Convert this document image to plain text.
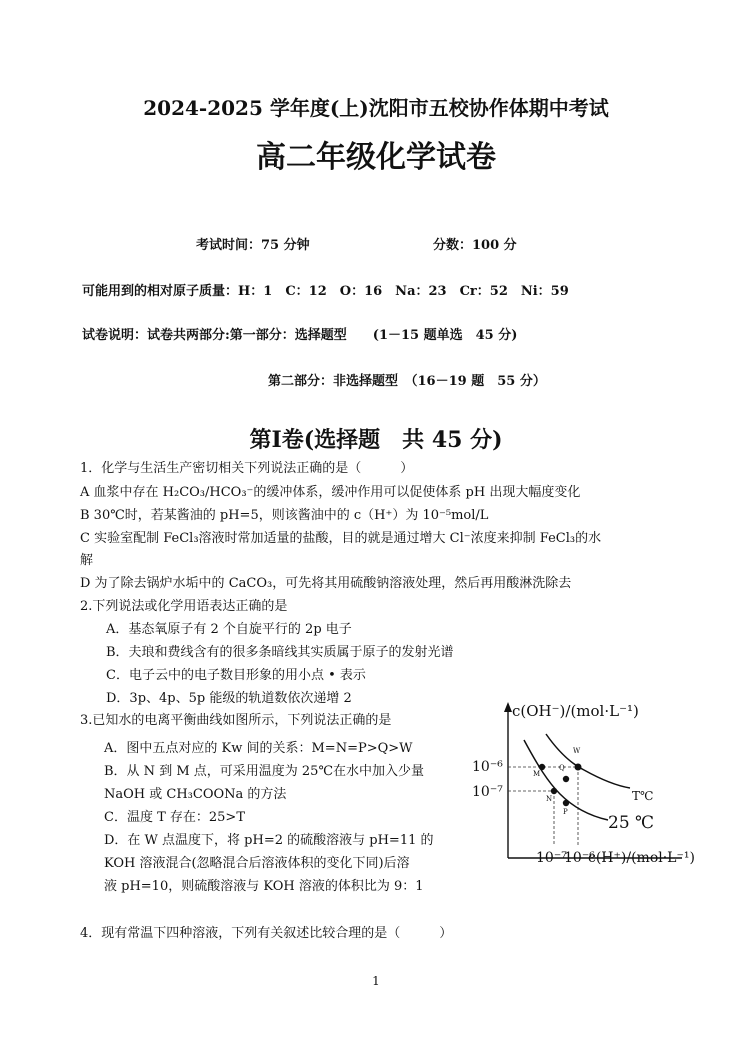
2024-2025 学年度(上)沈阳市五校协作体期中考试
高二年级化学试卷
考试时间：75 分钟	分数：100 分
可能用到的相对原子质量：H：1　C：12　O：16　Na：23　Cr：52　Ni：59
试卷说明：试卷共两部分:第一部分：选择题型　　(1－15 题单选　45 分)
第二部分：非选择题型　（16－19 题　55 分）
第Ⅰ卷(选择题　共 45 分)
1．化学与生活生产密切相关下列说法正确的是（　　　）
A 血浆中存在 H₂CO₃/HCO₃⁻的缓冲体系，缓冲作用可以促使体系 pH 出现大幅度变化
B 30℃时，若某酱油的 pH=5，则该酱油中的 c（H⁺）为 10⁻⁵mol/L
C 实验室配制 FeCl₃溶液时常加适量的盐酸，目的就是通过增大 Cl⁻浓度来抑制 FeCl₃的水
解
D 为了除去锅炉水垢中的 CaCO₃，可先将其用硫酸钠溶液处理，然后再用酸淋洗除去
2.下列说法或化学用语表达正确的是
A．基态氧原子有 2 个自旋平行的 2p 电子
B．夫琅和费线含有的很多条暗线其实质属于原子的发射光谱
C．电子云中的电子数目形象的用小点 • 表示
D．3p、4p、5p 能级的轨道数依次递增 2
3.已知水的电离平衡曲线如图所示，下列说法正确的是
A．图中五点对应的 Kw 间的关系：M=N=P>Q>W
B．从 N 到 M 点，可采用温度为 25℃在水中加入少量
NaOH 或 CH₃COONa 的方法
C．温度 T 存在：25>T
D．在 W 点温度下，将 pH=2 的硫酸溶液与 pH=11 的
KOH 溶液混合(忽略混合后溶液体积的变化下同)后溶
液 pH=10，则硫酸溶液与 KOH 溶液的体积比为 9：1
c(OH⁻)/(mol·L⁻¹)
c(H⁺)/(mol·L⁻¹)
10⁻⁶
10⁻⁷
10⁻⁷
10⁻⁶
T℃
25 ℃
W
Q
M
N
P
4．现有常温下四种溶液，下列有关叙述比较合理的是（　　　）
1
